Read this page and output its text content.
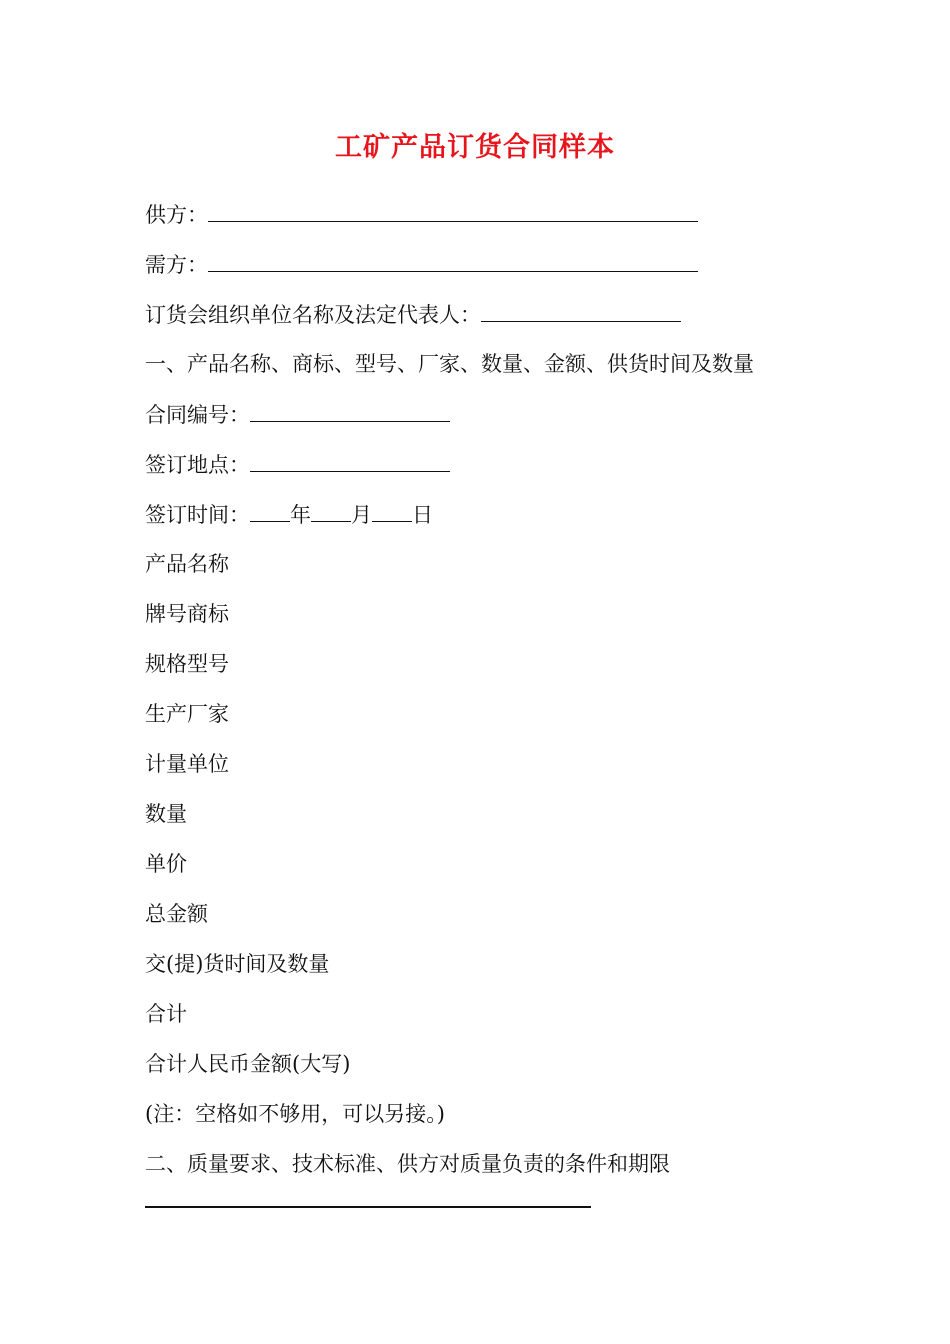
工矿产品订货合同样本
供方：
需方：
订货会组织单位名称及法定代表人：
一、产品名称、商标、型号、厂家、数量、金额、供货时间及数量
合同编号：
签订地点：
签订时间： 年 月 日
产品名称
牌号商标
规格型号
生产厂家
计量单位
数量
单价
总金额
交(提)货时间及数量
合计
合计人民币金额(大写)
(注：空格如不够用，可以另接。)
二、质量要求、技术标准、供方对质量负责的条件和期限
